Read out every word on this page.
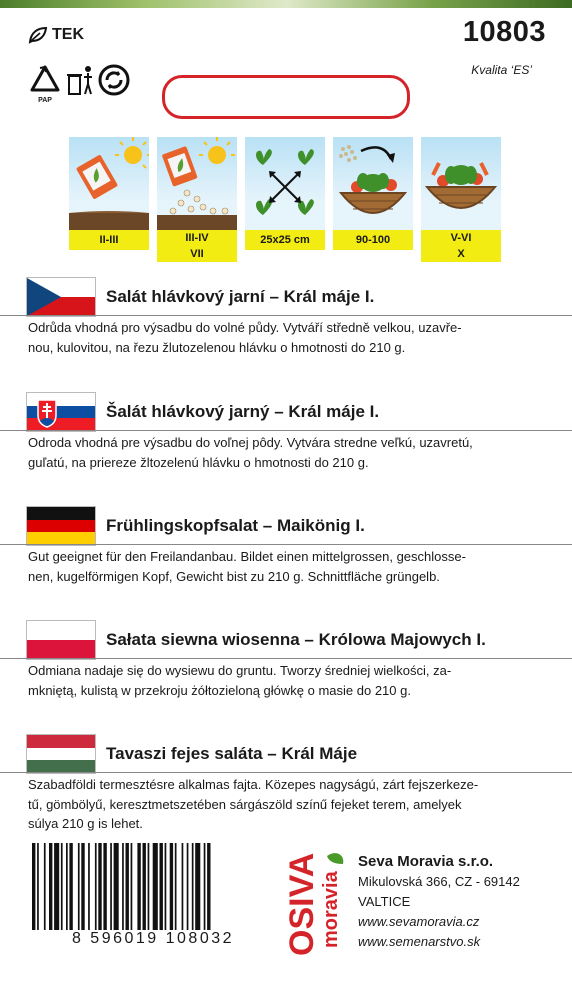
TEK	10803
Kvalita ‘ES’
PAP
II-III	III-IV
VII
25x25 cm	90-100	V-VI
X
Salát hlávkový jarní – Král máje I.
Odrůda vhodná pro výsadbu do volné půdy. Vytváří středně velkou, uzavře-
nou, kulovitou, na řezu žlutozelenou hlávku o hmotnosti do 210 g.
Šalát hlávkový jarný – Král máje I.
Odroda vhodná pre výsadbu do voľnej pôdy. Vytvára stredne veľkú, uzavretú,
guľatú, na priereze žltozelenú hlávku o hmotnosti do 210 g.
Frühlingskopfsalat – Maikönig I.
Gut geeignet für den Freilandanbau. Bildet einen mittelgrossen, geschlosse-
nen, kugelförmigen Kopf, Gewicht bist zu 210 g. Schnittfläche grüngelb.
Sałata siewna wiosenna – Królowa Majowych I.
Odmiana nadaje się do wysiewu do gruntu. Tworzy średniej wielkości, za-
mkniętą, kulistą w przekroju żółtozieloną główkę o masie do 210 g.
Tavaszi fejes saláta – Král Máje
Szabadföldi termesztésre alkalmas fajta. Közepes nagyságú, zárt fejszerkeze-
tű, gömbölyű, keresztmetszetében sárgászöld színű fejeket terem, amelyek
súlya 210 g is lehet.
8 596019 108032	OSIVA moravia
Seva Moravia s.r.o.
Mikulovská 366, CZ - 69142
VALTICE
www.sevamoravia.cz
www.semenarstvo.sk
